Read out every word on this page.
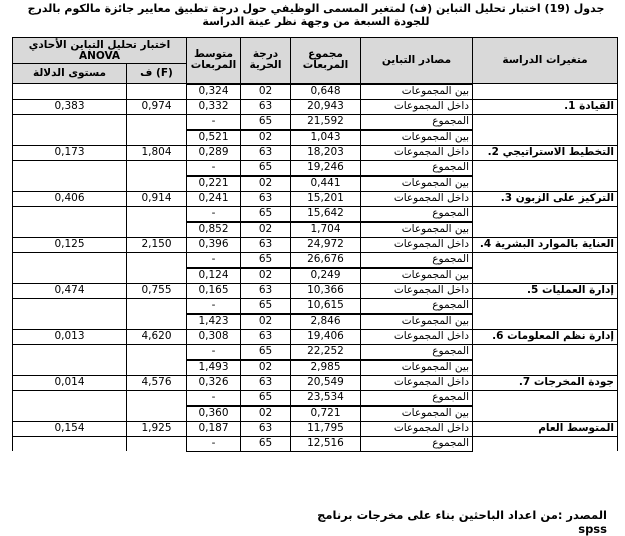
جدول (19) اختبار تحليل التباين (ف) لمتغير المسمى الوظيفي حول درجة تطبيق معايير جائزة مالكوم بالدرج للجودة السبعة من وجهة نظر عينة الدراسة
اختبار تحليل التباين الأحادي ANOVA		متوسط المربعات	درجة الحرية	مجموع المربعات	مصادر التباين	متغيرات الدراسة
مستوى الدلالة	ف (F)					
		0,324	02	0,648	بين المجموعات	
0,383	0,974	0,332	63	20,943	داخل المجموعات	القيادة 1.
		-	65	21,592	المجموع	
		0,521	02	1,043	بين المجموعات	
0,173	1,804	0,289	63	18,203	داخل المجموعات	التخطيط الاستراتيجي 2.
		-	65	19,246	المجموع	
		0,221	02	0,441	بين المجموعات	
0,406	0,914	0,241	63	15,201	داخل المجموعات	التركيز على الزبون 3.
		-	65	15,642	المجموع	
		0,852	02	1,704	بين المجموعات	
0,125	2,150	0,396	63	24,972	داخل المجموعات	العناية بالموارد البشرية 4.
		-	65	26,676	المجموع	
		0,124	02	0,249	بين المجموعات	
0,474	0,755	0,165	63	10,366	داخل المجموعات	إدارة العمليات 5.
		-	65	10,615	المجموع	
		1,423	02	2,846	بين المجموعات	
0,013	4,620	0,308	63	19,406	داخل المجموعات	إدارة نظم المعلومات 6.
		-	65	22,252	المجموع	
		1,493	02	2,985	بين المجموعات	
0,014	4,576	0,326	63	20,549	داخل المجموعات	جودة المخرجات 7.
		-	65	23,534	المجموع	
		0,360	02	0,721	بين المجموعات	
0,154	1,925	0,187	63	11,795	داخل المجموعات	المتوسط العام
		-	65	12,516	المجموع	
المصدر :من اعداد الباحثين بناء على مخرجات برنامج spss
